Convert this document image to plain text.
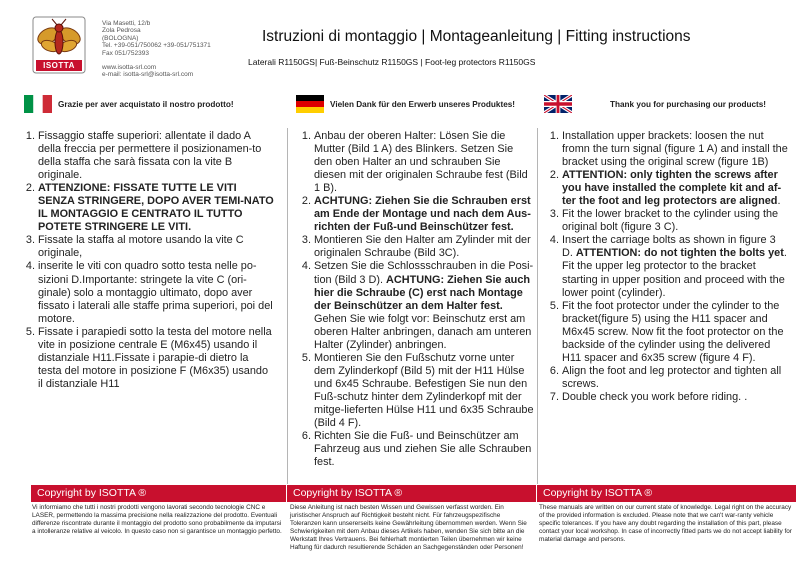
ISOTTA
Via Masetti, 12/b
Zola Pedrosa
(BOLOGNA)
Tel. +39-051/750062 +39-051/751371
Fax 051/752393
www.isotta-srl.com
e-mail: isotta-srl@isotta-srl.com
Istruzioni di montaggio | Montageanleitung | Fitting instructions
Laterali R1150GS| Fuß-Beinschutz R1150GS | Foot-leg protectors R1150GS
Grazie per aver acquistato il nostro prodotto!	Vielen Dank für den Erwerb unseres Produktes!	Thank you for purchasing our products!
1. Fissaggio staffe superiori: allentate il dado A della freccia per permettere il posizionamen-to della staffa che sarà fissata con la vite B originale.
2. ATTENZIONE: FISSATE TUTTE LE VITI SENZA STRINGERE, DOPO AVER TEMI-NATO IL MONTAGGIO E CENTRATO IL TUTTO POTETE STRINGERE LE VITI.
3. Fissate la staffa al motore usando la vite C originale,
4. inserite le viti con quadro sotto testa nelle po-sizioni D.Importante: stringete la vite C (ori-ginale) solo a montaggio ultimato, dopo aver fissato i laterali alle staffe prima superiori, poi del motore.
5. Fissate i parapiedi sotto la testa del motore nella vite in posizione centrale E (M6x45) usando il distanziale H11.Fissate i parapie-di dietro la testa del motore in posizione F (M6x35) usando il distanziale H11
1. Anbau der oberen Halter: Lösen Sie die Mutter (Bild 1 A) des Blinkers. Setzen Sie den oben Halter an und schrauben Sie diesen mit der originalen Schraube fest (Bild 1 B).
2. ACHTUNG: Ziehen Sie die Schrauben erst am Ende der Montage und nach dem Aus-richten der Fuß-und Beinschützer fest.
3. Montieren Sie den Halter am Zylinder mit der originalen Schraube (Bild 3C).
4. Setzen Sie die Schlossschrauben in die Posi-tion (Bild 3 D). ACHTUNG: Ziehen Sie auch hier die Schraube (C) erst nach Montage der Beinschützer an dem Halter fest. Gehen Sie wie folgt vor: Beinschutz erst am oberen Halter anbringen, danach am unteren Halter (Zylinder) anbringen.
5. Montieren Sie den Fußschutz vorne unter dem Zylinderkopf (Bild 5) mit der H11 Hülse und 6x45 Schraube. Befestigen Sie nun den Fuß-schutz hinter dem Zylinderkopf mit der mitge-lieferten Hülse H11 und 6x35 Schraube (Bild 4 F).
6. Richten Sie die Fuß- und Beinschützer am Fahrzeug aus und ziehen Sie alle Schrauben fest.
1. Installation upper brackets: loosen the nut fromn the turn signal (figure 1 A) and install the bracket using the original screw (figure 1B)
2. ATTENTION: only tighten the screws after you have installed the complete kit and af-ter the foot and leg protectors are aligned.
3. Fit the lower bracket to the cylinder using the original bolt (figure 3 C).
4. Insert the carriage bolts as shown in figure 3 D. ATTENTION: do not tighten the bolts yet. Fit the upper leg protector to the bracket starting in upper position and proceed with the lower point (cylinder).
5. Fit the foot protector under the cylinder to the bracket(figure 5) using the H11 spacer and M6x45 screw. Now fit the foot protector on the backside of the cylinder using the delivered H11 spacer and 6x35 screw (figure 4 F).
6. Align the foot and leg protector and tighten all screws.
7. Double check you work before riding. .
Copyright by ISOTTA ®	Copyright by ISOTTA ®	Copyright by ISOTTA ®
Vi informiamo che tutti i nostri prodotti vengono lavorati secondo tecnologie CNC e LASER, permettendo la massima precisione nella realizzazione del prodotto. Eventuali differenze riscontrate durante il montaggio del prodotto sono probabilmente da imputarsi a intolleranze relative al veicolo. In questo caso non si garantisce un montaggio perfetto.
Diese Anleitung ist nach besten Wissen und Gewissen verfasst worden. Ein juristischer Anspruch auf Richtigkeit besteht nicht. Für fahrzeugspezifische Toleranzen kann unsererseits keine Gewährleitung übernommen werden. Wenn Sie Schwierigkeiten mit dem Anbau dieses Artikels haben, wenden Sie sich bitte an die Werkstatt Ihres Vertrauens. Bei fehlerhaft montierten Teilen übernehmen wir keine Haftung für dadurch resultierende Schäden an Sachgegenständen oder Personen!
These manuals are written on our current state of knowledge. Legal right on the accuracy of the provided information is excluded. Please note that we can't war-ranty vehicle specific tolerances. If you have any doubt regarding the installation of this part, please contact your local workshop. In case of incorrectly fitted parts we do not accept liability for material damage and persons.
